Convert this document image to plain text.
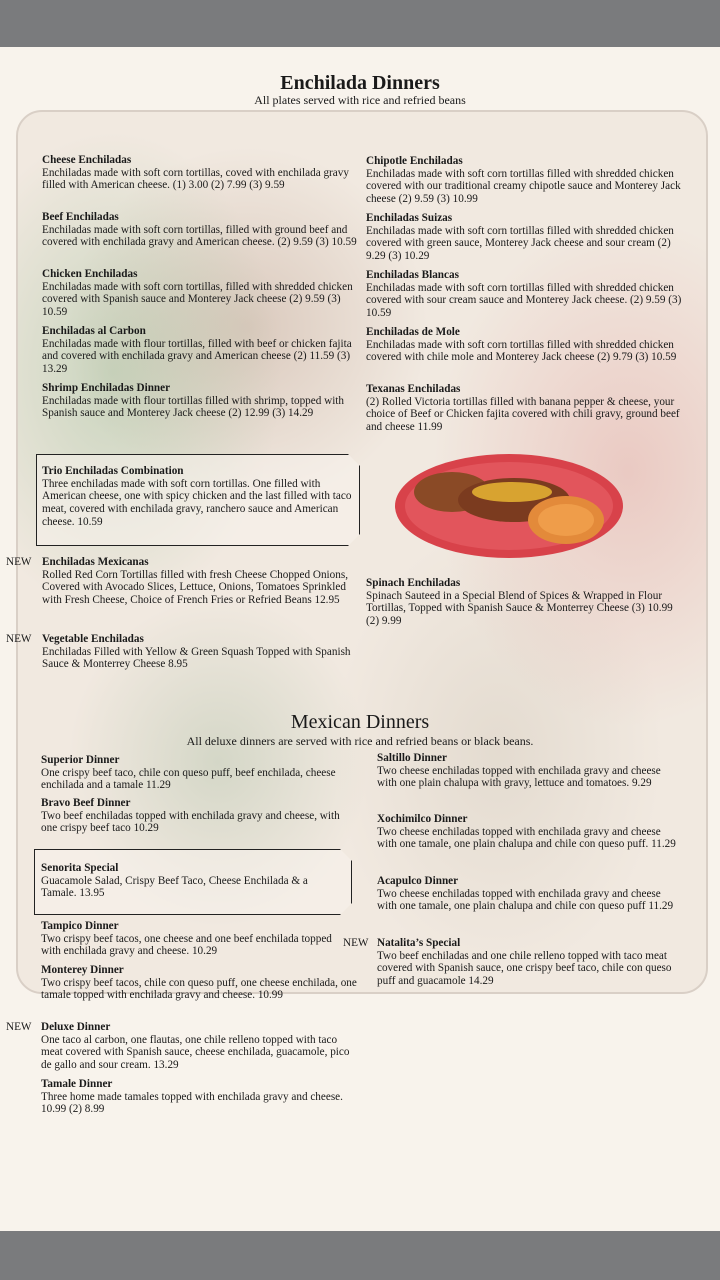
Enchilada Dinners
All plates served with rice and refried beans
Cheese Enchiladas
Enchiladas made with soft corn tortillas, coved with enchilada gravy filled with American cheese. (1) 3.00 (2) 7.99 (3) 9.59
Beef Enchiladas
Enchiladas made with soft corn tortillas, filled with ground beef and covered with enchilada gravy and American cheese. (2) 9.59 (3) 10.59
Chicken Enchiladas
Enchiladas made with soft corn tortillas, filled with shredded chicken covered with Spanish sauce and Monterey Jack cheese (2) 9.59 (3) 10.59
Enchiladas al Carbon
Enchiladas made with flour tortillas, filled with beef or chicken fajita and covered with enchilada gravy and American cheese (2) 11.59 (3) 13.29
Shrimp Enchiladas Dinner
Enchiladas made with flour tortillas filled with shrimp, topped with Spanish sauce and Monterey Jack cheese (2) 12.99 (3) 14.29
Chipotle Enchiladas
Enchiladas made with soft corn tortillas filled with shredded chicken covered with our traditional creamy chipotle sauce and Monterey Jack cheese (2) 9.59 (3) 10.99
Enchiladas Suizas
Enchiladas made with soft corn tortillas filled with shredded chicken covered with green sauce, Monterey Jack cheese and sour cream (2) 9.29 (3) 10.29
Enchiladas Blancas
Enchiladas made with soft corn tortillas filled with shredded chicken covered with sour cream sauce and Monterey Jack cheese. (2) 9.59 (3) 10.59
Enchiladas de Mole
Enchiladas made with soft corn tortillas filled with shredded chicken covered with chile mole and Monterey Jack cheese (2) 9.79 (3) 10.59
Texanas Enchiladas
(2) Rolled Victoria tortillas filled with banana pepper & cheese, your choice of Beef or Chicken fajita covered with chili gravy, ground beef and cheese 11.99
Trio Enchiladas Combination
Three enchiladas made with soft corn tortillas. One filled with American cheese, one with spicy chicken and the last filled with taco meat, covered with enchilada gravy, ranchero sauce and American cheese. 10.59
NEW Enchiladas Mexicanas
Rolled Red Corn Tortillas filled with fresh Cheese Chopped Onions, Covered with Avocado Slices, Lettuce, Onions, Tomatoes Sprinkled with Fresh Cheese, Choice of French Fries or Refried Beans 12.95
Spinach Enchiladas
Spinach Sauteed in a Special Blend of Spices & Wrapped in Flour Tortillas, Topped with Spanish Sauce & Monterrey Cheese (3) 10.99 (2) 9.99
NEW Vegetable Enchiladas
Enchiladas Filled with Yellow & Green Squash Topped with Spanish Sauce & Monterrey Cheese 8.95
Mexican Dinners
All deluxe dinners are served with rice and refried beans or black beans.
Superior Dinner
One crispy beef taco, chile con queso puff, beef enchilada, cheese enchilada and a tamale 11.29
Bravo Beef Dinner
Two beef enchiladas topped with enchilada gravy and cheese, with one crispy beef taco 10.29
Senorita Special
Guacamole Salad, Crispy Beef Taco, Cheese Enchilada & a Tamale. 13.95
Tampico Dinner
Two crispy beef tacos, one cheese and one beef enchilada topped with enchilada gravy and cheese. 10.29
Monterey Dinner
Two crispy beef tacos, chile con queso puff, one cheese enchilada, one tamale topped with enchilada gravy and cheese. 10.99
NEW Deluxe Dinner
One taco al carbon, one flautas, one chile relleno topped with taco meat covered with Spanish sauce, cheese enchilada, guacamole, pico de gallo and sour cream. 13.29
Tamale Dinner
Three home made tamales topped with enchilada gravy and cheese. 10.99 (2) 8.99
Saltillo Dinner
Two cheese enchiladas topped with enchilada gravy and cheese with one plain chalupa with gravy, lettuce and tomatoes. 9.29
Xochimilco Dinner
Two cheese enchiladas topped with enchilada gravy and cheese with one tamale, one plain chalupa and chile con queso puff. 11.29
Acapulco Dinner
Two cheese enchiladas topped with enchilada gravy and cheese with one tamale, one plain chalupa and chile con queso puff 11.29
NEW Natalita’s Special
Two beef enchiladas and one chile relleno topped with taco meat covered with Spanish sauce, one crispy beef taco, chile con queso puff and guacamole 14.29
